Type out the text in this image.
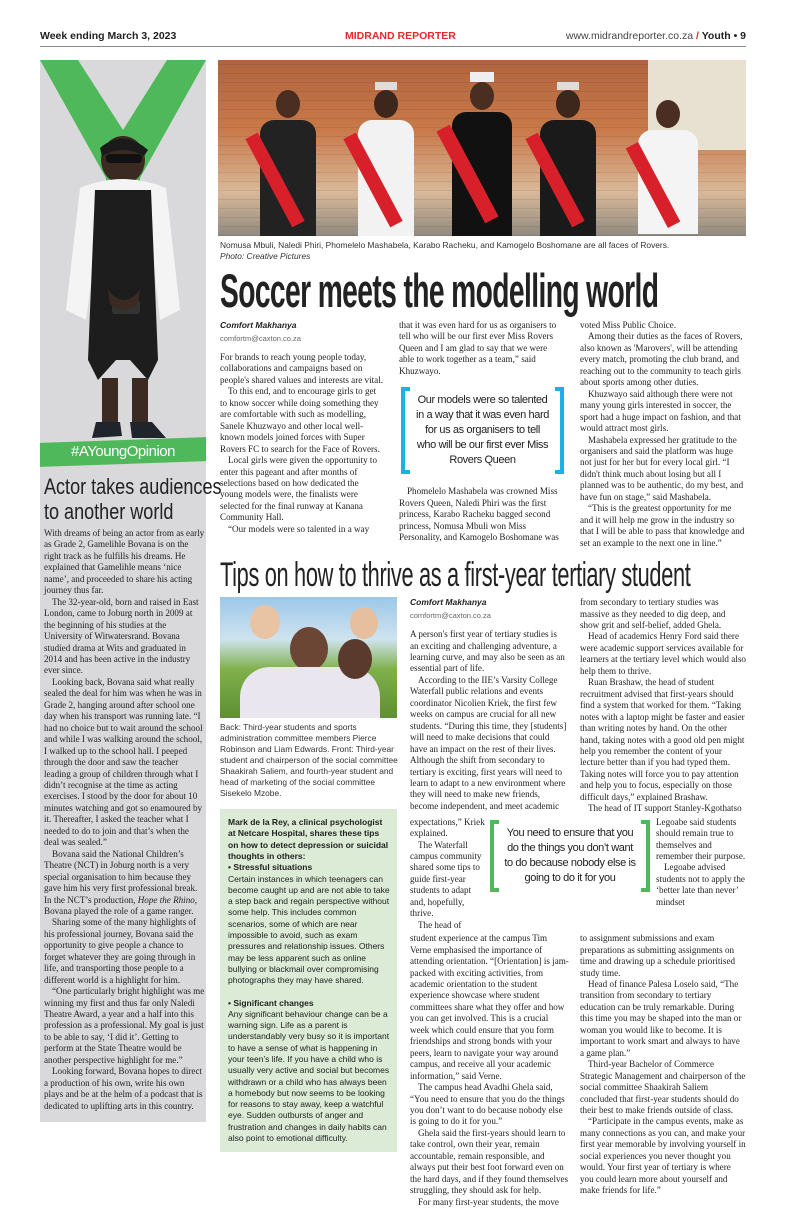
Week ending March 3, 2023	MIDRAND REPORTER	www.midrandreporter.co.za / Youth • 9
#AYoungOpinion
Actor takes audiences
to another world

With dreams of being an actor from as early as Grade 2, Gamelihle Bovana is on the right track as he fulfills his dreams. He explained that Gamelihle means ‘nice name’, and proceeded to share his acting journey thus far.

The 32-year-old, born and raised in East London, came to Joburg north in 2009 at the beginning of his studies at the University of Witwatersrand. Bovana studied drama at Wits and graduated in 2014 and has been active in the industry ever since.

Looking back, Bovana said what really sealed the deal for him was when he was in Grade 2, hanging around after school one day when his transport was running late. “I had no choice but to wait around the school and while I was walking around the school, I walked up to the school hall. I peeped through the door and saw the teacher leading a group of children through what I didn’t recognise at the time as acting exercises. I stood by the door for about 10 minutes watching and got so enamoured by it. Thereafter, I asked the teacher what I needed to do to join and that’s when the deal was sealed.”

Bovana said the National Children’s Theatre (NCT) in Joburg north is a very special organisation to him because they gave him his very first professional break. In the NCT’s production, Hope the Rhino, Bovana played the role of a game ranger.

Sharing some of the many highlights of his professional journey, Bovana said the opportunity to give people a chance to forget whatever they are going through in life, and transporting those people to a different world is a highlight for him.

“One particularly bright highlight was me winning my first and thus far only Naledi Theatre Award, a year and a half into this profession as a professional. My goal is just to be able to say, ‘I did it’. Getting to perform at the State Theatre would be another perspective highlight for me.”

Looking forward, Bovana hopes to direct a production of his own, write his own plays and be at the helm of a podcast that is dedicated to uplifting arts in this country.

Nomusa Mbuli, Naledi Phiri, Phomelelo Mashabela, Karabo Racheku, and Kamogelo Boshomane are all faces of Rovers.
Photo: Creative Pictures
Soccer meets the modelling world
Comfort Makhanya
comfortm@caxton.co.za

For brands to reach young people today, collaborations and campaigns based on people's shared values and interests are vital.

To this end, and to encourage girls to get to know soccer while doing something they are comfortable with such as modelling, Sanele Khuzwayo and other local well-known models joined forces with Super Rovers FC to search for the Face of Rovers.

Local girls were given the opportunity to enter this pageant and after months of selections based on how dedicated the young models were, the finalists were selected for the final runway at Kanana Community Hall.

“Our models were so talented in a way

that it was even hard for us as organisers to tell who will be our first ever Miss Rovers Queen and I am glad to say that we were able to work together as a team,” said Khuzwayo.

Our models were so talented in a way that it was even hard for us as organisers to tell who will be our first ever Miss Rovers Queen

Phomelelo Mashabela was crowned Miss Rovers Queen, Naledi Phiri was the first princess, Karabo Racheku bagged second princess, Nomusa Mbuli won Miss Personality, and Kamogelo Boshomane was

voted Miss Public Choice.

Among their duties as the faces of Rovers, also known as 'Marovers', will be attending every match, promoting the club brand, and reaching out to the community to teach girls about sports among other duties.

Khuzwayo said although there were not many young girls interested in soccer, the sport had a huge impact on fashion, and that would attract most girls.

Mashabela expressed her gratitude to the organisers and said the platform was huge not just for her but for every local girl. “I didn't think much about losing but all I planned was to be authentic, do my best, and have fun on stage,” said Mashabela.

“This is the greatest opportunity for me and it will help me grow in the industry so that I will be able to pass that knowledge and set an example to the next one in line.”

Tips on how to thrive as a first-year tertiary student
Back: Third-year students and sports administration committee members Pierce Robinson and Liam Edwards. Front: Third-year student and chairperson of the social committee Shaakirah Saliem, and fourth-year student and head of marketing of the social committee Sisekelo Mzobe.

Mark de la Rey, a clinical psychologist at Netcare Hospital, shares these tips on how to detect depression or suicidal thoughts in others:

• Stressful situations

Certain instances in which teenagers can become caught up and are not able to take a step back and regain perspective without some help. This includes common scenarios, some of which are near impossible to avoid, such as exam pressures and relationship issues. Others may be less apparent such as online bullying or blackmail over compromising photographs they may have shared.

• Significant changes

Any significant behaviour change can be a warning sign. Life as a parent is understandably very busy so it is important to have a sense of what is happening in your teen’s life. If you have a child who is usually very active and social but becomes withdrawn or a child who has always been a homebody but now seems to be looking for reasons to stay away, keep a watchful eye. Sudden outbursts of anger and frustration and changes in daily habits can also point to emotional difficulty.

Comfort Makhanya
comfortm@caxton.co.za

A person's first year of tertiary studies is an exciting and challenging adventure, a learning curve, and may also be seen as an essential part of life.

According to the IIE’s Varsity College Waterfall public relations and events coordinator Nicolien Kriek, the first few weeks on campus are crucial for all new students. “During this time, they [students] will need to make decisions that could have an impact on the rest of their lives. Although the shift from secondary to tertiary is exciting, first years will need to learn to adapt to a new environment where they will need to make new friends, become independent, and meet academic

from secondary to tertiary studies was massive as they needed to dig deep, and show grit and self-belief, added Ghela.

Head of academics Henry Ford said there were academic support services available for learners at the tertiary level which would also help them to thrive.

Ruan Brashaw, the head of student recruitment advised that first-years should find a system that worked for them. “Taking notes with a laptop might be faster and easier than writing notes by hand. On the other hand, taking notes with a good old pen might help you remember the content of your lecture better than if you had typed them. Taking notes will force you to pay attention and help you to focus, especially on those difficult days,” explained Brashaw.

The head of IT support Stanley-Kgothatso

expectations,” Kriek explained.

The Waterfall campus community shared some tips to guide first-year students to adapt and, hopefully, thrive.

The head of

You need to ensure that you do the things you don’t want to do because nobody else is going to do it for you

Legoabe said students should remain true to themselves and remember their purpose.

Legoabe advised students not to apply the ‘better late than never’ mindset

student experience at the campus Tim Verne emphasised the importance of attending orientation. “[Orientation] is jam-packed with exciting activities, from academic orientation to the student experience showcase where student committees share what they offer and how you can get involved. This is a crucial week which could ensure that you form friendships and strong bonds with your peers, learn to navigate your way around campus, and receive all your academic information,” said Verne.

The campus head Avadhi Ghela said, “You need to ensure that you do the things you don’t want to do because nobody else is going to do it for you.”

Ghela said the first-years should learn to take control, own their year, remain accountable, remain responsible, and always put their best foot forward even on the hard days, and if they found themselves struggling, they should ask for help.

For many first-year students, the move

to assignment submissions and exam preparations as submitting assignments on time and drawing up a schedule prioritised study time.

Head of finance Palesa Loselo said, “The transition from secondary to tertiary education can be truly remarkable. During this time you may be shaped into the man or woman you would like to become. It is important to work smart and always to have a game plan.”

Third-year Bachelor of Commerce Strategic Management and chairperson of the social committee Shaakirah Saliem concluded that first-year students should do their best to make friends outside of class.

“Participate in the campus events, make as many connections as you can, and make your first year memorable by involving yourself in social experiences you never thought you would. Your first year of tertiary is where you could learn more about yourself and make friends for life.”
